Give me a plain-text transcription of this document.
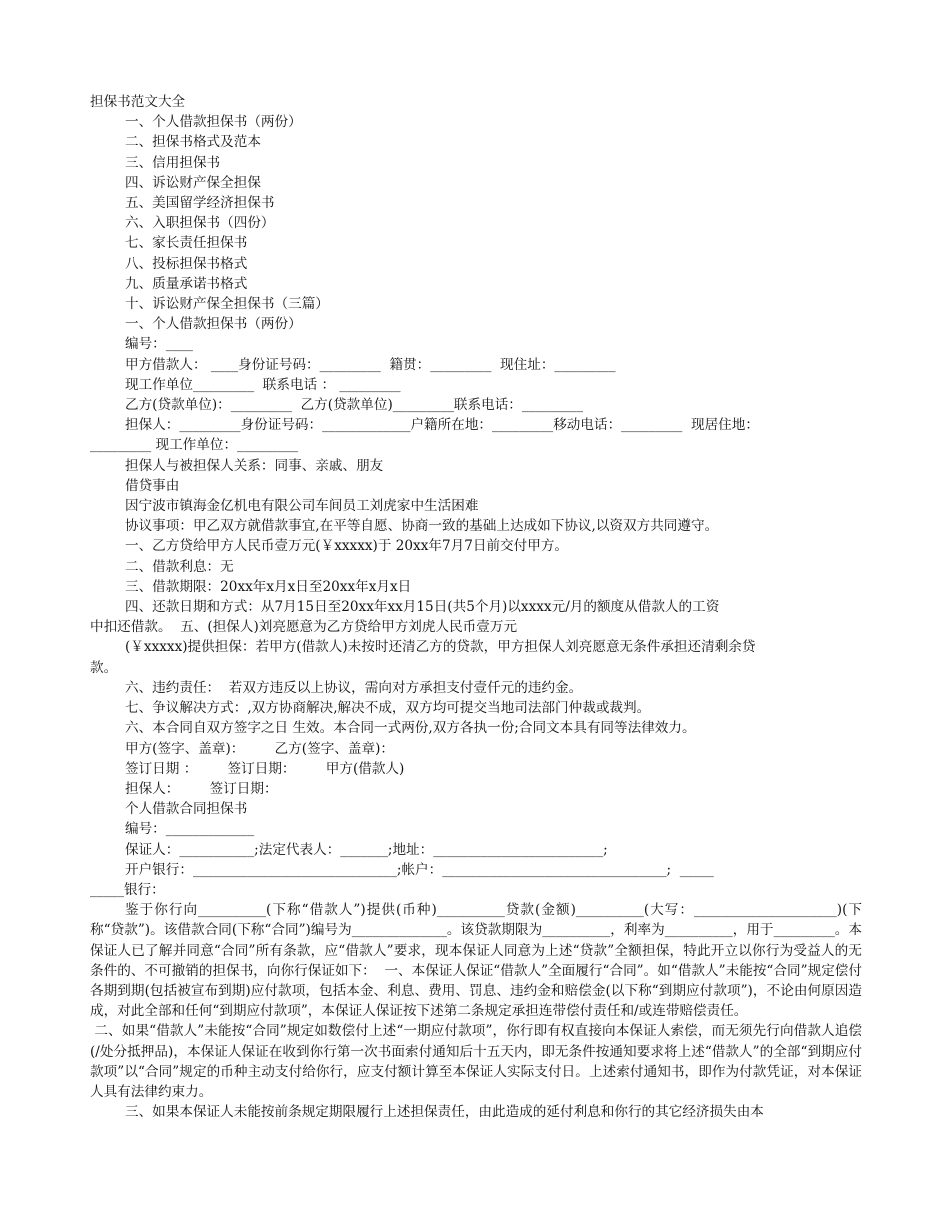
担保书范文大全
一、个人借款担保书（两份）
二、担保书格式及范本
三、信用担保书
四、诉讼财产保全担保
五、美国留学经济担保书
六、入职担保书（四份）
七、家长责任担保书
八、投标担保书格式
九、质量承诺书格式
十、诉讼财产保全担保书（三篇）
一、个人借款担保书（两份）
编号：____
甲方借款人： ____身份证号码：_________  籍贯：_________  现住址：_________
现工作单位_________  联系电话 ： _________
乙方(贷款单位)：_________  乙方(贷款单位)_________联系电话：_________
担保人：_________身份证号码：_____________户籍所在地：_________移动电话：_________  现居住地：
_________ 现工作单位：_________
担保人与被担保人关系：同事、亲戚、朋友
借贷事由
因宁波市镇海金亿机电有限公司车间员工刘虎家中生活困难
协议事项：甲乙双方就借款事宜,在平等自愿、协商一致的基础上达成如下协议,以资双方共同遵守。
一、乙方贷给甲方人民币壹万元(￥xxxxx)于 20xx年7月7日前交付甲方。
二、借款利息：无
三、借款期限：20xx年x月x日至20xx年x月x日
四、还款日期和方式：从7月15日至20xx年xx月15日(共5个月)以xxxx元/月的额度从借款人的工资
中扣还借款。  五、(担保人)刘亮愿意为乙方贷给甲方刘虎人民币壹万元
(￥xxxxx)提供担保：若甲方(借款人)未按时还清乙方的贷款，甲方担保人刘亮愿意无条件承担还清剩余贷
款。
六、违约责任：  若双方违反以上协议，需向对方承担支付壹仟元的违约金。
七、争议解决方式：,双方协商解决,解决不成，双方均可提交当地司法部门仲裁或裁判。
六、本合同自双方签字之日 生效。本合同一式两份,双方各执一份;合同文本具有同等法律效力。
甲方(签字、盖章)：       乙方(签字、盖章)：
签订日期 ：       签订日期：       甲方(借款人)
担保人：       签订日期：
个人借款合同担保书
编号：_____________
保证人：___________;法定代表人：_______;地址：_________________________;
开户银行：______________________________;帐户：_________________________________;  _____
_____银行：
鉴于你行向__________(下称“借款人”)提供(币种)__________贷款(金额)__________(大写：_____________________)(下称“贷款”)。该借款合同(下称“合同”)编号为______________。该贷款期限为__________，利率为__________，用于_________。本保证人已了解并同意“合同”所有条款，应“借款人”要求，现本保证人同意为上述“贷款”全额担保，特此开立以你行为受益人的无条件的、不可撤销的担保书，向你行保证如下：  一、本保证人保证“借款人”全面履行“合同”。如“借款人”未能按“合同”规定偿付各期到期(包括被宣布到期)应付款项，包括本金、利息、费用、罚息、违约金和赔偿金(以下称“到期应付款项”)，不论由何原因造成，对此全部和任何“到期应付款项”，本保证人保证按下述第二条规定承担连带偿付责任和/或连带赔偿责任。
二、如果“借款人”未能按“合同”规定如数偿付上述“一期应付款项”，你行即有权直接向本保证人索偿，而无须先行向借款人追偿(/处分抵押品)，本保证人保证在收到你行第一次书面索付通知后十五天内，即无条件按通知要求将上述“借款人”的全部“到期应付款项”以“合同”规定的币种主动支付给你行，应支付额计算至本保证人实际支付日。上述索付通知书，即作为付款凭证，对本保证人具有法律约束力。
三、如果本保证人未能按前条规定期限履行上述担保责任，由此造成的延付利息和你行的其它经济损失由本
